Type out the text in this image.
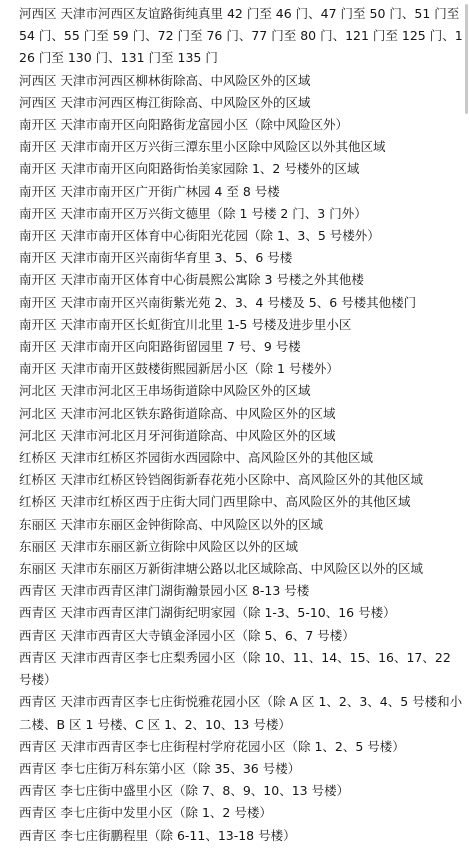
河西区 天津市河西区友谊路街纯真里 42 门至 46 门、47 门至 50 门、51 门至 54 门、55 门至 59 门、72 门至 76 门、77 门至 80 门、121 门至 125 门、126 门至 130 门、131 门至 135 门

河西区 天津市河西区柳林街除高、中风险区外的区域

河西区 天津市河西区梅江街除高、中风险区外的区域

南开区 天津市南开区向阳路街龙富园小区（除中风险区外）

南开区 天津市南开区万兴街三潭东里小区除中风险区以外其他区域

南开区 天津市南开区向阳路街怡美家园除 1、2 号楼外的区域

南开区 天津市南开区广开街广林园 4 至 8 号楼

南开区 天津市南开区万兴街文德里（除 1 号楼 2 门、3 门外）

南开区 天津市南开区体育中心街阳光花园（除 1、3、5 号楼外）

南开区 天津市南开区兴南街华育里 3、5、6 号楼

南开区 天津市南开区体育中心街晨熙公寓除 3 号楼之外其他楼

南开区 天津市南开区兴南街紫光苑 2、3、4 号楼及 5、6 号楼其他楼门

南开区 天津市南开区长虹街宜川北里 1-5 号楼及进步里小区

南开区 天津市南开区向阳路街留园里 7 号、9 号楼

南开区 天津市南开区鼓楼街熙园新居小区（除 1 号楼外）

河北区 天津市河北区王串场街道除中风险区外的区域

河北区 天津市河北区铁东路街道除高、中风险区外的区域

河北区 天津市河北区月牙河街道除高、中风险区外的区域

红桥区 天津市红桥区芥园街水西园除中、高风险区外的其他区域

红桥区 天津市红桥区铃铛阁街新春花苑小区除中、高风险区外的其他区域

红桥区 天津市红桥区西于庄街大同门西里除中、高风险区外的其他区域

东丽区 天津市东丽区金钟街除高、中风险区以外的区域

东丽区 天津市东丽区新立街除中风险区以外的区域

东丽区 天津市东丽区万新街津塘公路以北区域除高、中风险区以外的区域

西青区 天津市西青区津门湖街瀚景园小区 8-13 号楼

西青区 天津市西青区津门湖街纪明家园（除 1-3、5-10、16 号楼）

西青区 天津市西青区大寺镇金泽园小区（除 5、6、7 号楼）

西青区 天津市西青区李七庄梨秀园小区（除 10、11、14、15、16、17、22 号楼）

西青区 天津市西青区李七庄街悦雅花园小区（除 A 区 1、2、3、4、5 号楼和小二楼、B 区 1 号楼、C 区 1、2、10、13 号楼）

西青区 天津市西青区李七庄街程村学府花园小区（除 1、2、5 号楼）

西青区 李七庄街万科东第小区（除 35、36 号楼）

西青区 李七庄街中盛里小区（除 7、8、9、10、13 号楼）

西青区 李七庄街中发里小区（除 1、2 号楼）

西青区 李七庄街鹏程里（除 6-11、13-18 号楼）
